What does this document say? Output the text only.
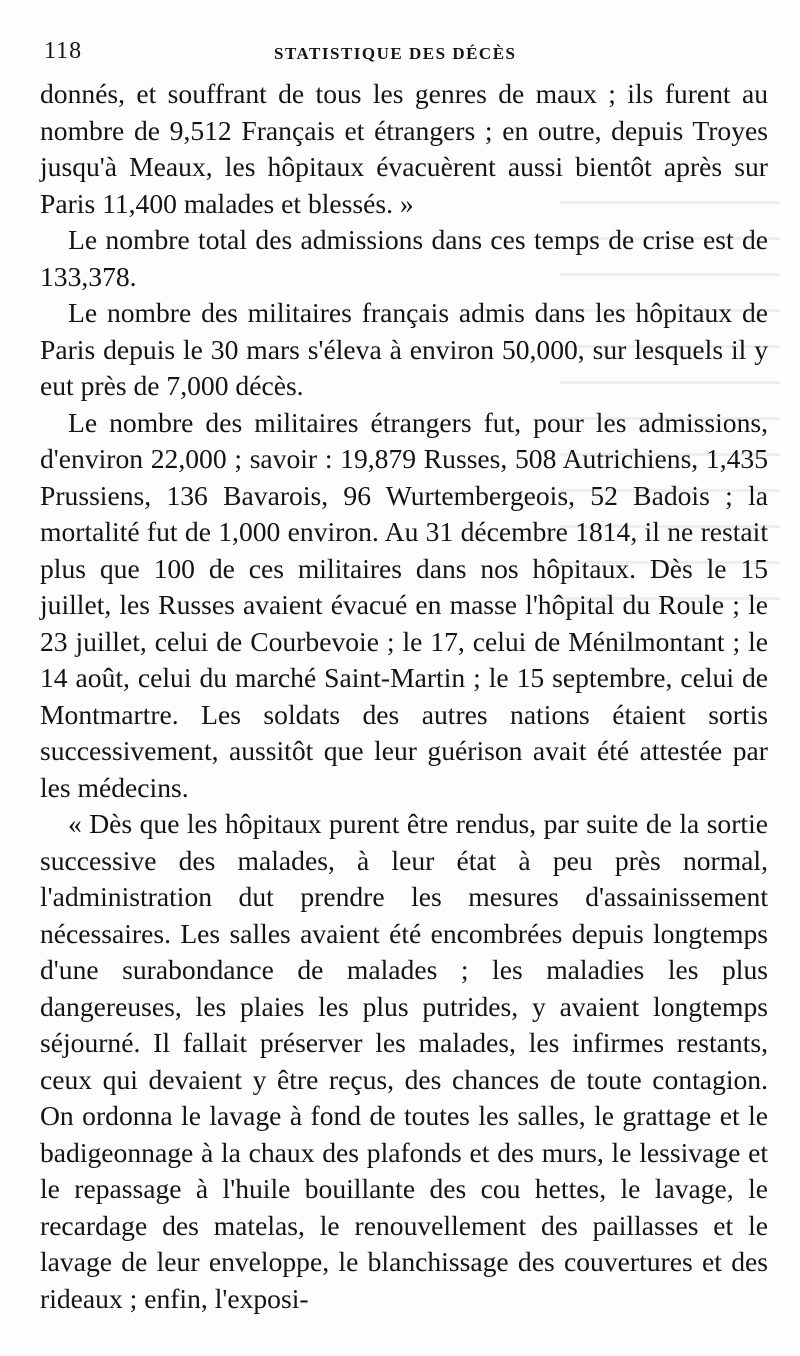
118	STATISTIQUE DES DÉCÈS

donnés, et souffrant de tous les genres de maux ; ils furent au nombre de 9,512 Français et étrangers ; en outre, depuis Troyes jusqu'à Meaux, les hôpitaux évacuèrent aussi bientôt après sur Paris 11,400 malades et blessés. »

Le nombre total des admissions dans ces temps de crise est de 133,378.

Le nombre des militaires français admis dans les hôpitaux de Paris depuis le 30 mars s'éleva à environ 50,000, sur lesquels il y eut près de 7,000 décès.

Le nombre des militaires étrangers fut, pour les admissions, d'environ 22,000 ; savoir : 19,879 Russes, 508 Autrichiens, 1,435 Prussiens, 136 Bavarois, 96 Wurtembergeois, 52 Badois ; la mortalité fut de 1,000 environ. Au 31 décembre 1814, il ne restait plus que 100 de ces militaires dans nos hôpitaux. Dès le 15 juillet, les Russes avaient évacué en masse l'hôpital du Roule ; le 23 juillet, celui de Courbevoie ; le 17, celui de Ménilmontant ; le 14 août, celui du marché Saint-Martin ; le 15 septembre, celui de Montmartre. Les soldats des autres nations étaient sortis successivement, aussitôt que leur guérison avait été attestée par les médecins.

« Dès que les hôpitaux purent être rendus, par suite de la sortie successive des malades, à leur état à peu près normal, l'administration dut prendre les mesures d'assainissement nécessaires. Les salles avaient été encombrées depuis longtemps d'une surabondance de malades ; les maladies les plus dangereuses, les plaies les plus putrides, y avaient longtemps séjourné. Il fallait préserver les malades, les infirmes restants, ceux qui devaient y être reçus, des chances de toute contagion. On ordonna le lavage à fond de toutes les salles, le grattage et le badigeonnage à la chaux des plafonds et des murs, le lessivage et le repassage à l'huile bouillante des cou hettes, le lavage, le recardage des matelas, le renouvellement des paillasses et le lavage de leur enveloppe, le blanchissage des couvertures et des rideaux ; enfin, l'exposi-
